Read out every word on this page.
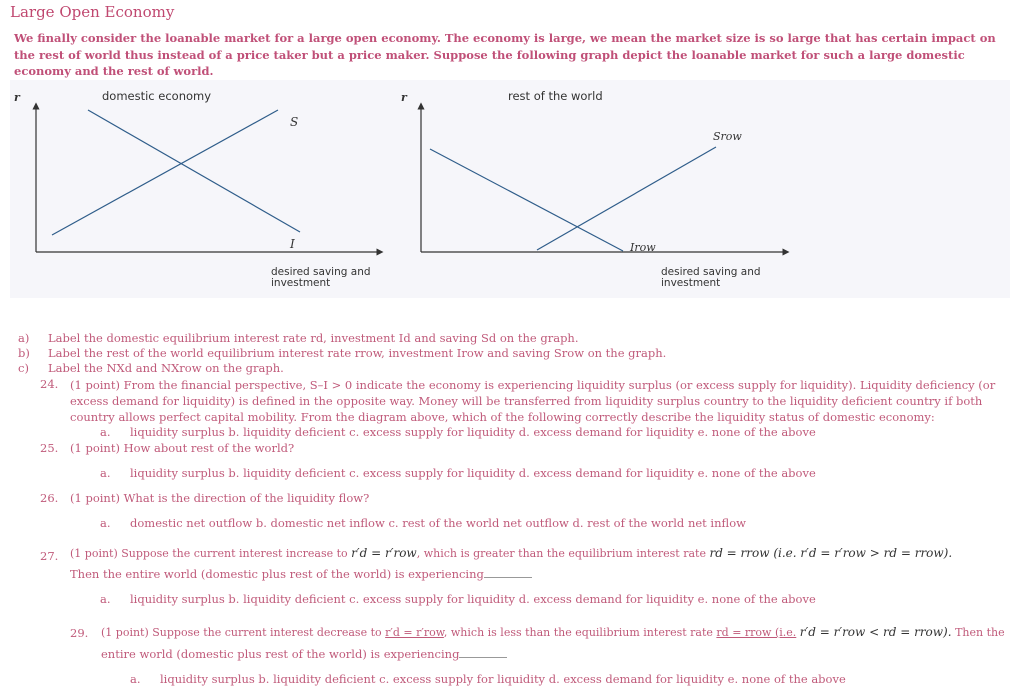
Large Open Economy
We finally consider the loanable market for a large open economy. The economy is large, we mean the market size is so large that has certain impact on the rest of world thus instead of a price taker but a price maker. Suppose the following graph depict the loanable market for such a large domestic economy and the rest of world.
r	domestic economy
S
I
desired saving and
investment
r	rest of the world
Srow
Irow
desired saving and
investment
a) Label the domestic equilibrium interest rate rd, investment Id and saving Sd on the graph.
b) Label the rest of the world equilibrium interest rate rrow, investment Irow and saving Srow on the graph.
c) Label the NXd and NXrow on the graph.
24. (1 point) From the financial perspective, S–I > 0 indicate the economy is experiencing liquidity surplus (or excess supply for liquidity). Liquidity deficiency (or excess demand for liquidity) is defined in the opposite way. Money will be transferred from liquidity surplus country to the liquidity deficient country if both country allows perfect capital mobility. From the diagram above, which of the following correctly describe the liquidity status of domestic economy:
a. liquidity surplus b. liquidity deficient c. excess supply for liquidity d. excess demand for liquidity e. none of the above
25. (1 point) How about rest of the world?
a. liquidity surplus b. liquidity deficient c. excess supply for liquidity d. excess demand for liquidity e. none of the above
26. (1 point) What is the direction of the liquidity flow?
a. domestic net outflow b. domestic net inflow c. rest of the world net outflow d. rest of the world net inflow
27. (1 point) Suppose the current interest increase to r′d = r′row, which is greater than the equilibrium interest rate rd = rrow (i.e. r′d = r′row > rd = rrow).
Then the entire world (domestic plus rest of the world) is experiencing
a. liquidity surplus b. liquidity deficient c. excess supply for liquidity d. excess demand for liquidity e. none of the above
29. (1 point) Suppose the current interest decrease to r′d = r′row, which is less than the equilibrium interest rate rd = rrow (i.e. r′d = r′row < rd = rrow). Then the
entire world (domestic plus rest of the world) is experiencing
a. liquidity surplus b. liquidity deficient c. excess supply for liquidity d. excess demand for liquidity e. none of the above
